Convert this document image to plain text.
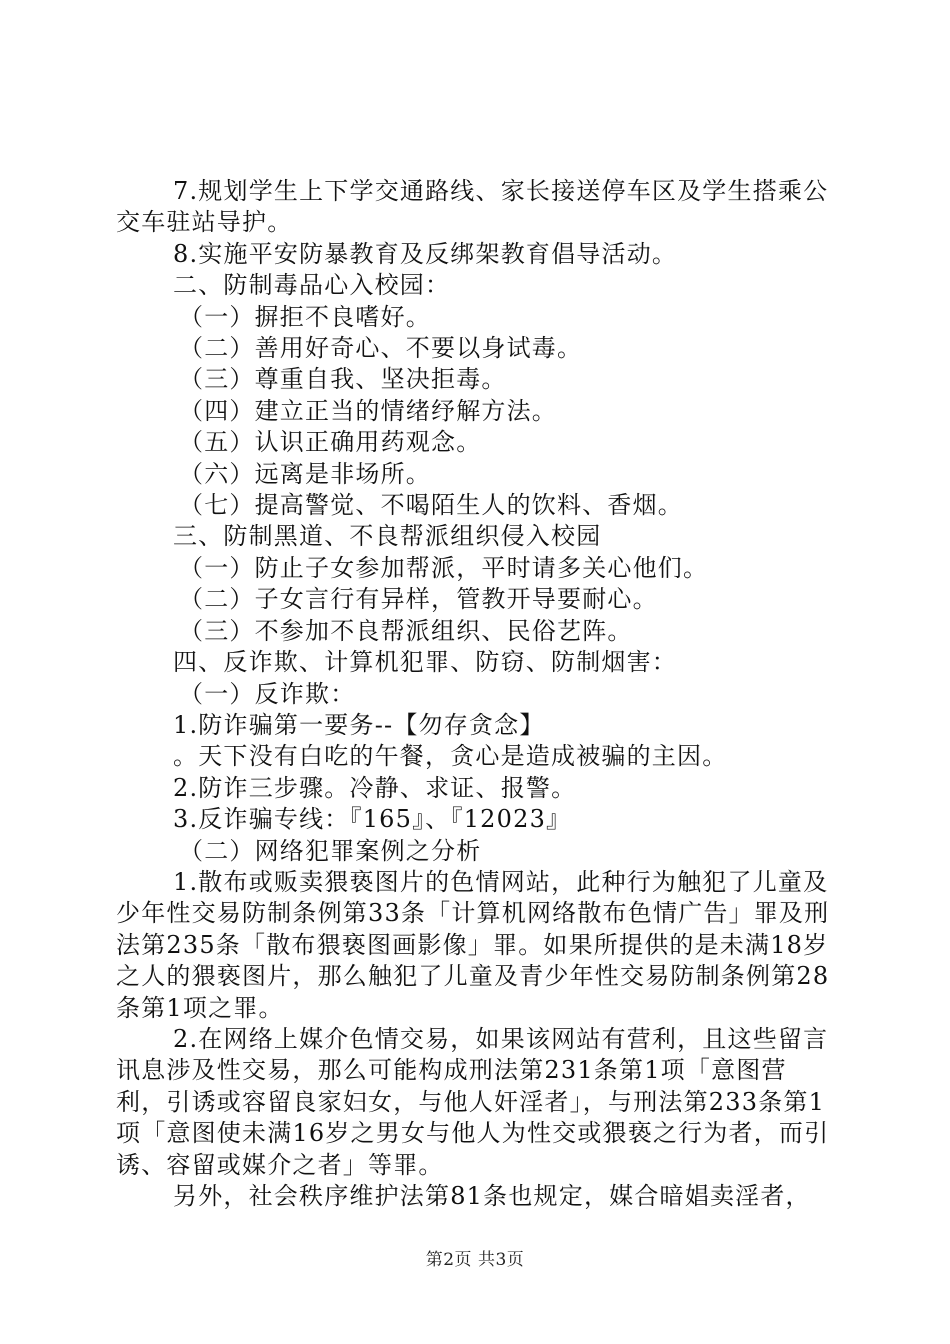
7.规划学生上下学交通路线、家长接送停车区及学生搭乘公交车驻站导护。

8.实施平安防暴教育及反绑架教育倡导活动。

二、防制毒品心入校园：

（一）摒拒不良嗜好。

（二）善用好奇心、不要以身试毒。

（三）尊重自我、坚决拒毒。

（四）建立正当的情绪纾解方法。

（五）认识正确用药观念。

（六）远离是非场所。

（七）提高警觉、不喝陌生人的饮料、香烟。

三、防制黑道、不良帮派组织侵入校园

（一）防止子女参加帮派，平时请多关心他们。

（二）子女言行有异样，管教开导要耐心。

（三）不参加不良帮派组织、民俗艺阵。

四、反诈欺、计算机犯罪、防窃、防制烟害：

（一）反诈欺：

1.防诈骗第一要务--【勿存贪念】

。天下没有白吃的午餐，贪心是造成被骗的主因。

2.防诈三步骤。冷静、求证、报警。

3.反诈骗专线：『165』、『12023』

（二）网络犯罪案例之分析

1.散布或贩卖猥亵图片的色情网站，此种行为触犯了儿童及少年性交易防制条例第33条「计算机网络散布色情广告」罪及刑法第235条「散布猥亵图画影像」罪。如果所提供的是未满18岁之人的猥亵图片，那么触犯了儿童及青少年性交易防制条例第28条第1项之罪。

2.在网络上媒介色情交易，如果该网站有营利，且这些留言讯息涉及性交易，那么可能构成刑法第231条第1项「意图营利，引诱或容留良家妇女，与他人奸淫者」，与刑法第233条第1项「意图使未满16岁之男女与他人为性交或猥亵之行为者，而引诱、容留或媒介之者」等罪。

另外，社会秩序维护法第81条也规定，媒合暗娼卖淫者，

第2页 共3页
